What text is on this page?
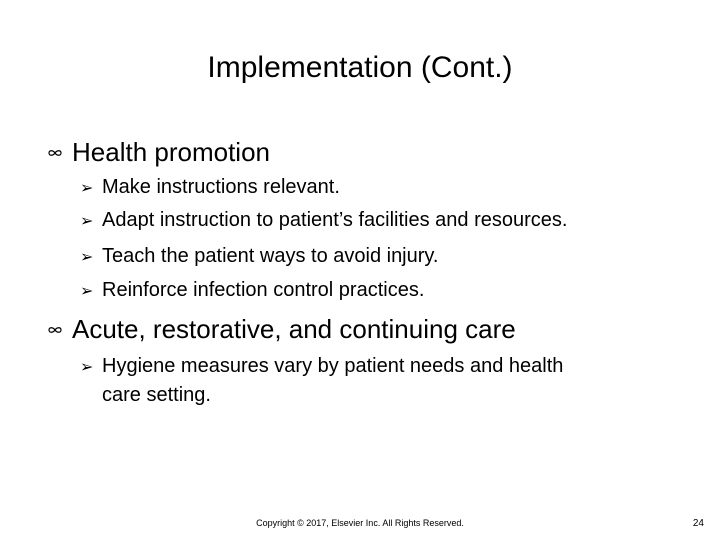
Implementation (Cont.)
Health promotion
➢ Make instructions relevant.
➢ Adapt instruction to patient’s facilities and resources.
➢ Teach the patient ways to avoid injury.
➢ Reinforce infection control practices.
Acute, restorative, and continuing care
➢ Hygiene measures vary by patient needs and health
care setting.
Copyright © 2017, Elsevier Inc. All Rights Reserved.	24
